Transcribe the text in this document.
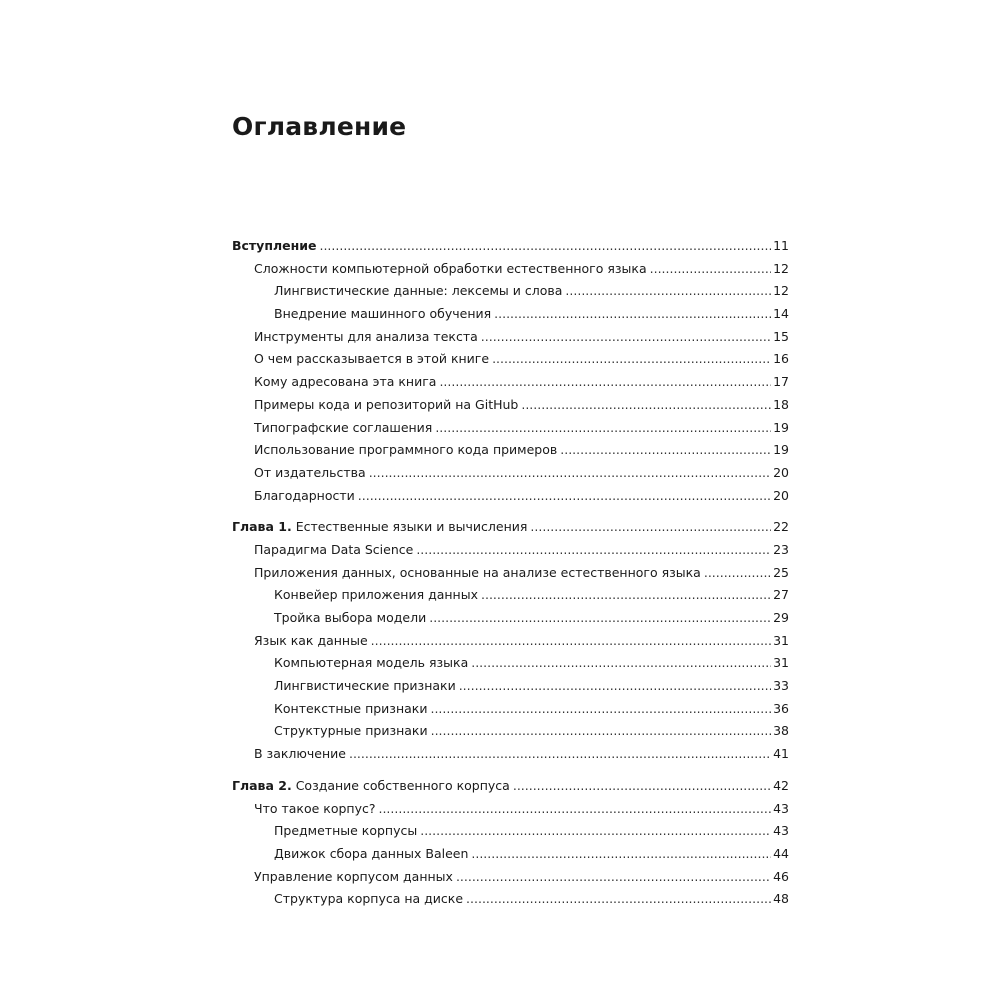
Оглавление
Вступление .....	11
Сложности компьютерной обработки естественного языка .....	12
Лингвистические данные: лексемы и слова .....	12
Внедрение машинного обучения .....	14
Инструменты для анализа текста .....	15
О чем рассказывается в этой книге .....	16
Кому адресована эта книга .....	17
Примеры кода и репозиторий на GitHub .....	18
Типографские соглашения .....	19
Использование программного кода примеров .....	19
От издательства .....	20
Благодарности .....	20
Глава 1. Естественные языки и вычисления .....	22
Парадигма Data Science .....	23
Приложения данных, основанные на анализе естественного языка .....	25
Конвейер приложения данных .....	27
Тройка выбора модели .....	29
Язык как данные .....	31
Компьютерная модель языка .....	31
Лингвистические признаки .....	33
Контекстные признаки .....	36
Структурные признаки .....	38
В заключение .....	41
Глава 2. Создание собственного корпуса .....	42
Что такое корпус? .....	43
Предметные корпусы .....	43
Движок сбора данных Baleen .....	44
Управление корпусом данных .....	46
Структура корпуса на диске .....	48
